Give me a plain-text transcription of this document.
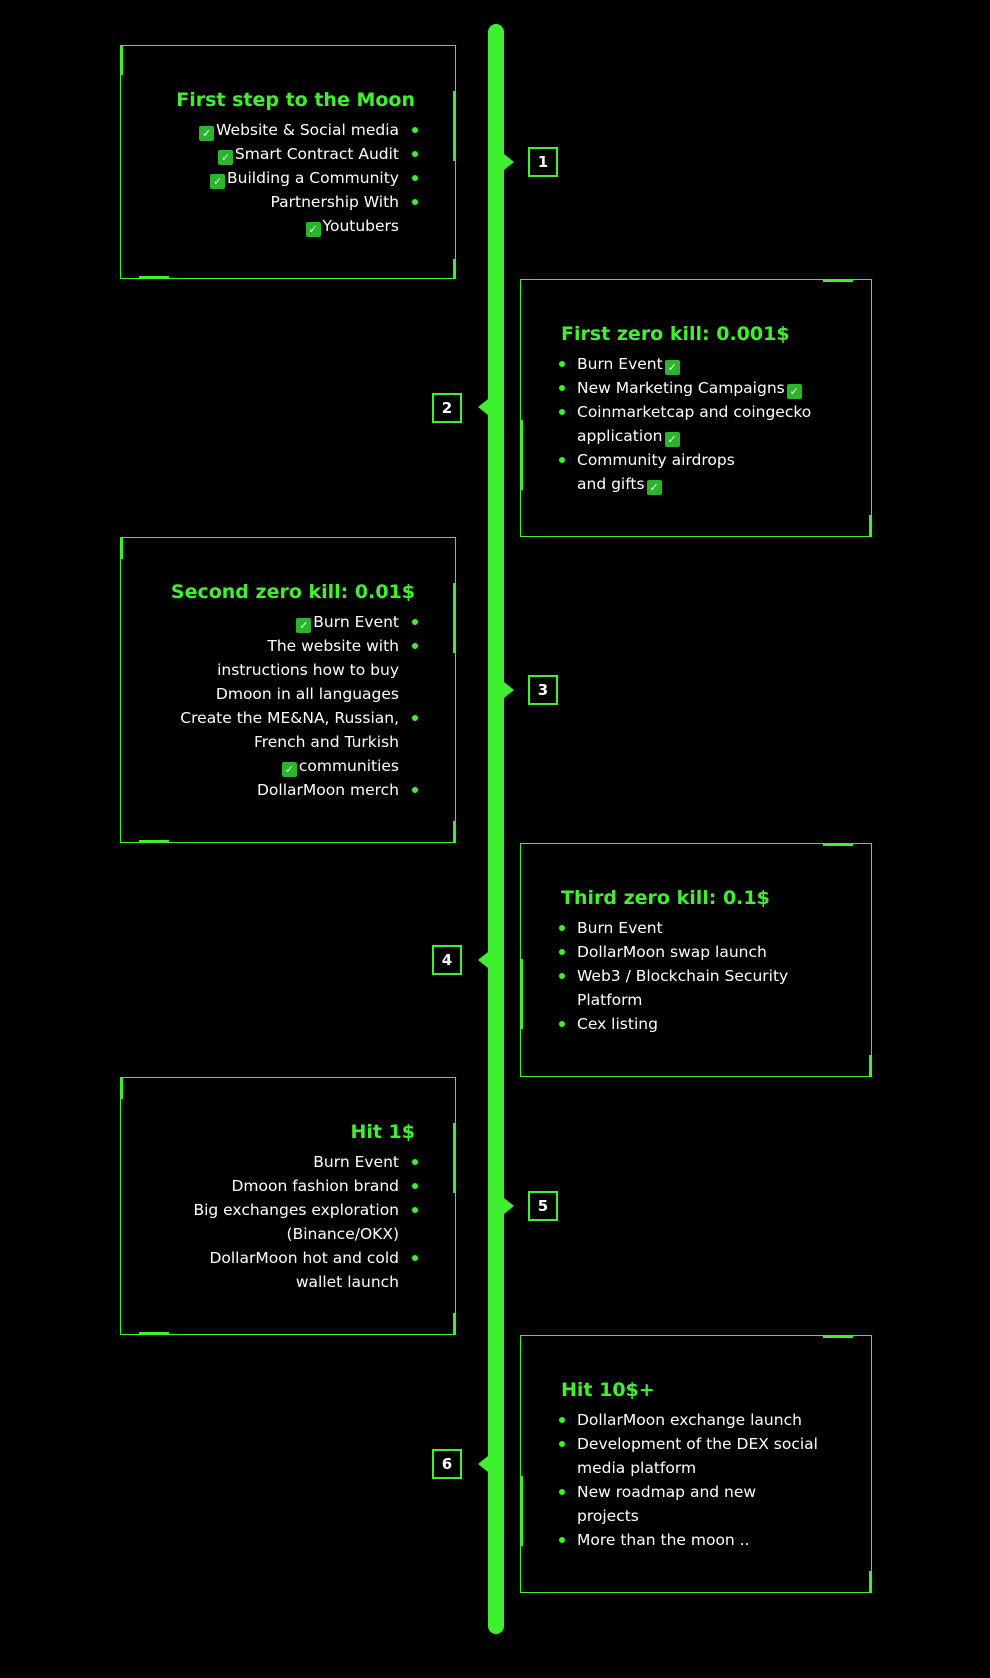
First step to the Moon
✓ Website & Social media
✓ Smart Contract Audit
✓ Building a Community
Partnership With
✓ Youtubers
1
First zero kill: 0.001$
Burn Event ✓
New Marketing Campaigns ✓
Coinmarketcap and coingecko application ✓
Community airdrops and gifts ✓
2
Second zero kill: 0.01$
✓ Burn Event
The website with instructions how to buy Dmoon in all languages
Create the ME&NA, Russian, French and Turkish
✓ communities
DollarMoon merch
3
Third zero kill: 0.1$
Burn Event
DollarMoon swap launch
Web3 / Blockchain Security Platform
Cex listing
4
Hit 1$
Burn Event
Dmoon fashion brand
Big exchanges exploration (Binance/OKX)
DollarMoon hot and cold wallet launch
5
Hit 10$+
DollarMoon exchange launch
Development of the DEX social media platform
New roadmap and new projects
More than the moon ..
6
